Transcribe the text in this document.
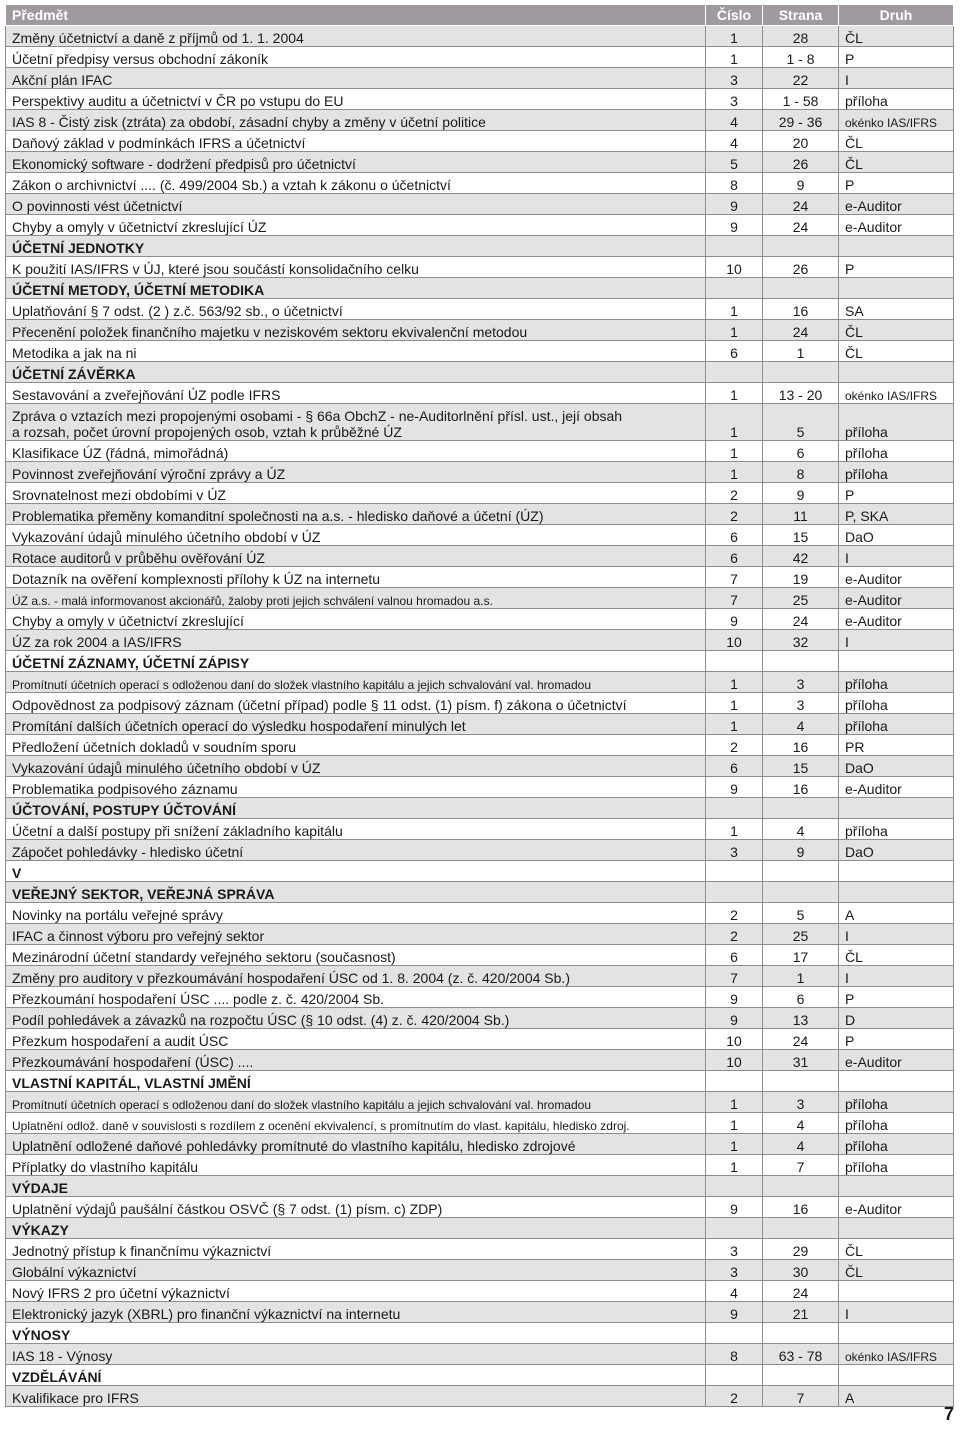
Předmět	Číslo	Strana	Druh
Změny účetnictví a daně z příjmů od 1. 1. 2004	1	28	ČL
Účetní předpisy versus obchodní zákoník	1	1 - 8	P
Akční plán IFAC	3	22	I
Perspektivy auditu a účetnictví v ČR po vstupu do EU	3	1 - 58	příloha
IAS 8 - Čistý zisk (ztráta) za období, zásadní chyby a změny v účetní politice	4	29 - 36	okénko IAS/IFRS
Daňový základ v podmínkách IFRS a účetnictví	4	20	ČL
Ekonomický software - dodržení předpisů pro účetnictví	5	26	ČL
Zákon o archivnictví .... (č. 499/2004 Sb.) a vztah k zákonu o účetnictví	8	9	P
O povinnosti vést účetnictví	9	24	e-Auditor
Chyby a omyly v účetnictví zkreslující ÚZ	9	24	e-Auditor
ÚČETNÍ JEDNOTKY			
K použití IAS/IFRS v ÚJ, které jsou součástí konsolidačního celku	10	26	P
ÚČETNÍ METODY, ÚČETNÍ METODIKA			
Uplatňování § 7 odst. (2 ) z.č. 563/92 sb., o účetnictví	1	16	SA
Přecenění položek finančního majetku v neziskovém sektoru ekvivalenční metodou	1	24	ČL
Metodika a jak na ni	6	1	ČL
ÚČETNÍ ZÁVĚRKA			
Sestavování a zveřejňování ÚZ podle IFRS	1	13 - 20	okénko IAS/IFRS

Zpráva o vztazích mezi propojenými osobami - § 66a ObchZ - ne-Auditorlnění přísl. ust., její obsah
a rozsah, počet úrovní propojených osob, vztah k průběžné ÚZ	1	5	příloha
Klasifikace ÚZ (řádná, mimořádná)	1	6	příloha
Povinnost zveřejňování výroční zprávy a ÚZ	1	8	příloha
Srovnatelnost mezi obdobími v ÚZ	2	9	P
Problematika přeměny komanditní společnosti na a.s. - hledisko daňové a účetní (ÚZ)	2	11	P, SKA
Vykazování údajů minulého účetního období v ÚZ	6	15	DaO
Rotace auditorů v průběhu ověřování ÚZ	6	42	I
Dotazník na ověření komplexnosti přílohy k ÚZ na internetu	7	19	e-Auditor
ÚZ a.s. - malá informovanost akcionářů, žaloby proti jejich schválení valnou hromadou a.s.	7	25	e-Auditor
Chyby a omyly v účetnictví zkreslující	9	24	e-Auditor
ÚZ za rok 2004 a IAS/IFRS	10	32	I
ÚČETNÍ ZÁZNAMY, ÚČETNÍ ZÁPISY			
Promítnutí účetních operací s odloženou daní do složek vlastního kapitálu a jejich schvalování val. hromadou	1	3	příloha
Odpovědnost za podpisový záznam (účetní případ) podle § 11 odst. (1) písm. f) zákona o účetnictví	1	3	příloha
Promítání dalších účetních operací do výsledku hospodaření minulých let	1	4	příloha
Předložení účetních dokladů v soudním sporu	2	16	PR
Vykazování údajů minulého účetního období v ÚZ	6	15	DaO
Problematika podpisového záznamu	9	16	e-Auditor
ÚČTOVÁNÍ, POSTUPY ÚČTOVÁNÍ			
Účetní a další postupy při snížení základního kapitálu	1	4	příloha
Zápočet pohledávky - hledisko účetní	3	9	DaO
V			
VEŘEJNÝ SEKTOR, VEŘEJNÁ SPRÁVA			
Novinky na portálu veřejné správy	2	5	A
IFAC a činnost výboru pro veřejný sektor	2	25	I
Mezinárodní účetní standardy veřejného sektoru (současnost)	6	17	ČL
Změny pro auditory v přezkoumávání hospodaření ÚSC od 1. 8. 2004 (z. č. 420/2004 Sb.)	7	1	I
Přezkoumání hospodaření ÚSC .... podle z. č. 420/2004 Sb.	9	6	P
Podíl pohledávek a závazků na rozpočtu ÚSC (§ 10 odst. (4) z. č. 420/2004 Sb.)	9	13	D
Přezkum hospodaření a audit ÚSC	10	24	P
Přezkoumávání hospodaření (ÚSC) ....	10	31	e-Auditor
VLASTNÍ KAPITÁL, VLASTNÍ JMĚNÍ			
Promítnutí účetních operací s odloženou daní do složek vlastního kapitálu a jejich schvalování val. hromadou	1	3	příloha
Uplatnění odlož. daně v souvislosti s rozdílem z ocenění ekvivalencí, s promítnutím do vlast. kapitálu, hledisko zdroj.	1	4	příloha
Uplatnění odložené daňové pohledávky promítnuté do vlastního kapitálu, hledisko zdrojové	1	4	příloha
Příplatky do vlastního kapitálu	1	7	příloha
VÝDAJE			
Uplatnění výdajů paušální částkou OSVČ (§ 7 odst. (1) písm. c) ZDP)	9	16	e-Auditor
VÝKAZY			
Jednotný přístup k finančnímu výkaznictví	3	29	ČL
Globální výkaznictví	3	30	ČL
Nový IFRS 2 pro účetní výkaznictví	4	24	
Elektronický jazyk (XBRL) pro finanční výkaznictví na internetu	9	21	I
VÝNOSY			
IAS 18 - Výnosy	8	63 - 78	okénko IAS/IFRS
VZDĚLÁVÁNÍ			
Kvalifikace pro IFRS	2	7	A
7
